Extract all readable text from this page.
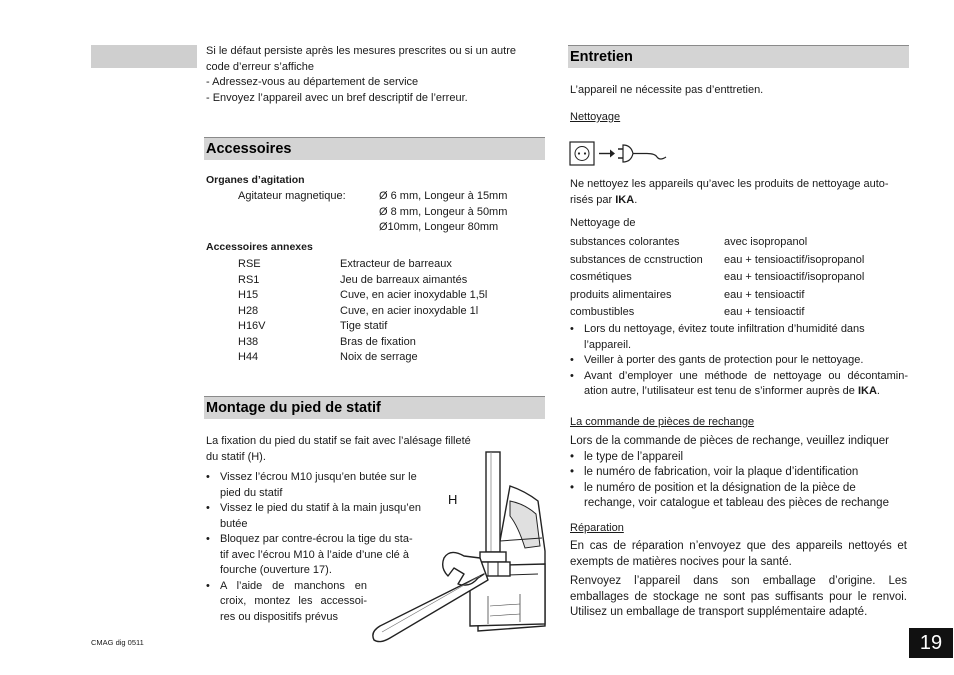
Si le défaut persiste après les mesures prescrites ou si un autre
code d’erreur s’affiche
- Adressez-vous au département de service
- Envoyez l’appareil avec un bref descriptif de l’erreur.
Accessoires
Organes d’agitation
Agitateur magnetique:	Ø 6 mm, Longeur à 15mm
Ø 8 mm, Longeur à 50mm
Ø10mm, Longeur 80mm
Accessoires annexes
RSE	Extracteur de barreaux
RS1	Jeu de barreaux aimantés
H15	Cuve, en acier inoxydable 1,5l
H28	Cuve, en acier inoxydable 1l
H16V	Tige statif
H38	Bras de fixation
H44	Noix de serrage
Montage du pied de statif
La fixation du pied du statif se fait avec l’alésage filleté du statif (H).
• Vissez l’écrou M10 jusqu’en butée sur le pied du statif
• Vissez le pied du statif à la main jusqu’en butée
• Bloquez par contre-écrou la tige du sta- tif avec l’écrou M10 à l’aide d’une clé à fourche (ouverture 17).
• A l’aide de manchons en croix, montez les accessoi- res ou dispositifs prévus
H
Entretien
L’appareil ne nécessite pas d’enttretien.
Nettoyage
Ne nettoyez les appareils qu’avec les produits de nettoyage auto-
risés par IKA.
Nettoyage de
substances colorantes	avec isopropanol
substances de ccnstruction	eau + tensioactif/isopropanol
cosmétiques	eau + tensioactif/isopropanol
produits alimentaires	eau + tensioactif
combustibles	eau + tensioactif
• Lors du nettoyage, évitez toute infiltration d’humidité dans l’appareil.
• Veiller à porter des gants de protection pour le nettoyage.
• Avant d’employer une méthode de nettoyage ou décontamin- ation autre, l’utilisateur est tenu de s’informer auprès de IKA.
La commande de pièces de rechange
Lors de la commande de pièces de rechange, veuillez indiquer
• le type de l’appareil
• le numéro de fabrication, voir la plaque d’identification
• le numéro de position et la désignation de la pièce de rechange, voir catalogue et tableau des pièces de rechange
Réparation
En cas de réparation n’envoyez que des appareils nettoyés et exempts de matières nocives pour la santé.
Renvoyez l’appareil dans son emballage d’origine. Les emballages de stockage ne sont pas suffisants pour le renvoi. Utilisez un emballage de transport supplémentaire adapté.
CMAG dig 0511	19
